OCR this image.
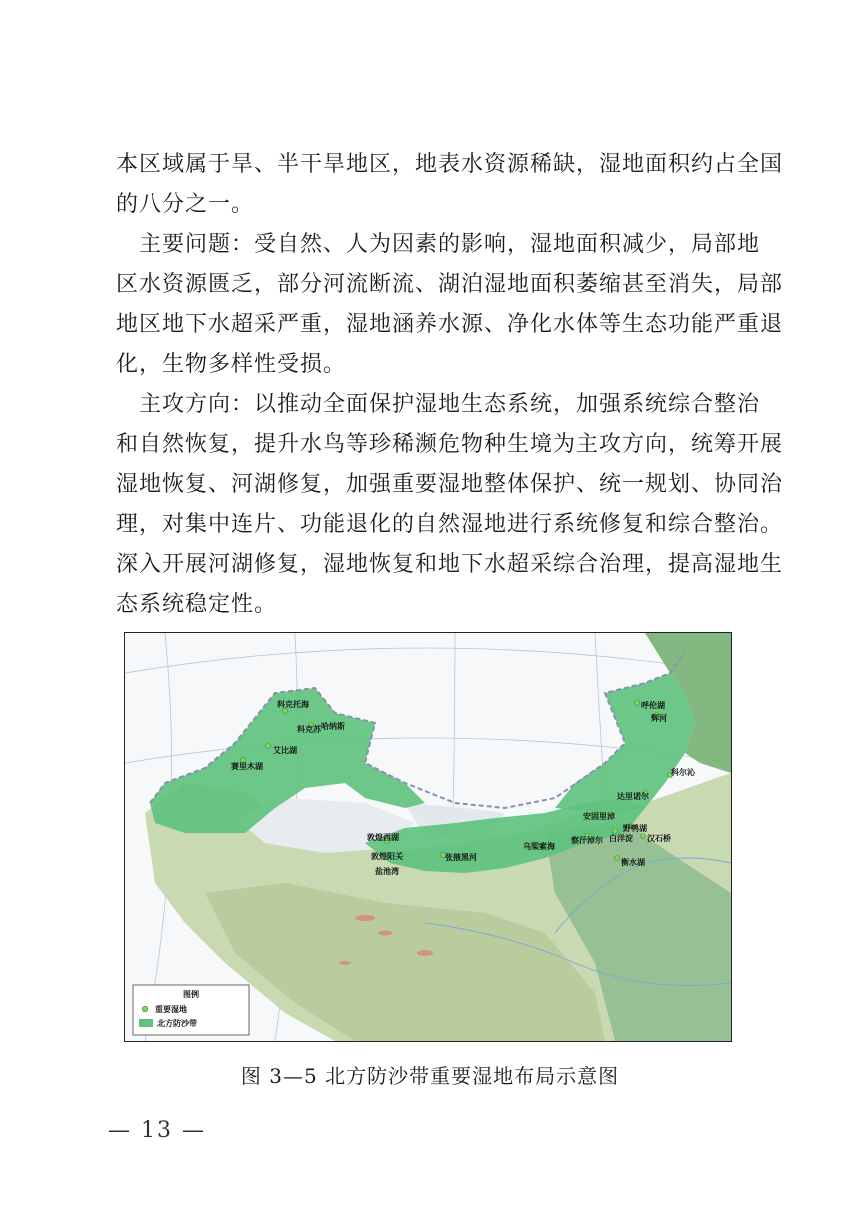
本区域属于旱、半干旱地区，地表水资源稀缺，湿地面积约占全国
的八分之一。
　主要问题：受自然、人为因素的影响，湿地面积减少，局部地
区水资源匮乏，部分河流断流、湖泊湿地面积萎缩甚至消失，局部
地区地下水超采严重，湿地涵养水源、净化水体等生态功能严重退
化，生物多样性受损。
　主攻方向：以推动全面保护湿地生态系统，加强系统综合整治
和自然恢复，提升水鸟等珍稀濒危物种生境为主攻方向，统筹开展
湿地恢复、河湖修复，加强重要湿地整体保护、统一规划、协同治
理，对集中连片、功能退化的自然湿地进行系统修复和综合整治。
深入开展河湖修复，湿地恢复和地下水超采综合治理，提高湿地生
态系统稳定性。
科克托海
科克苏 哈纳斯
艾比湖
赛里木湖
敦煌西湖
敦煌阳关
盐池湾
张掖黑河
乌梁素海
呼伦湖
辉河
科尔沁
达里诺尔
安固里淖
野鸭湖
察汗淖尔 白洋淀 汉石桥
衡水湖
图例
重要湿地
北方防沙带
图 3—5 北方防沙带重要湿地布局示意图
— 13 —
